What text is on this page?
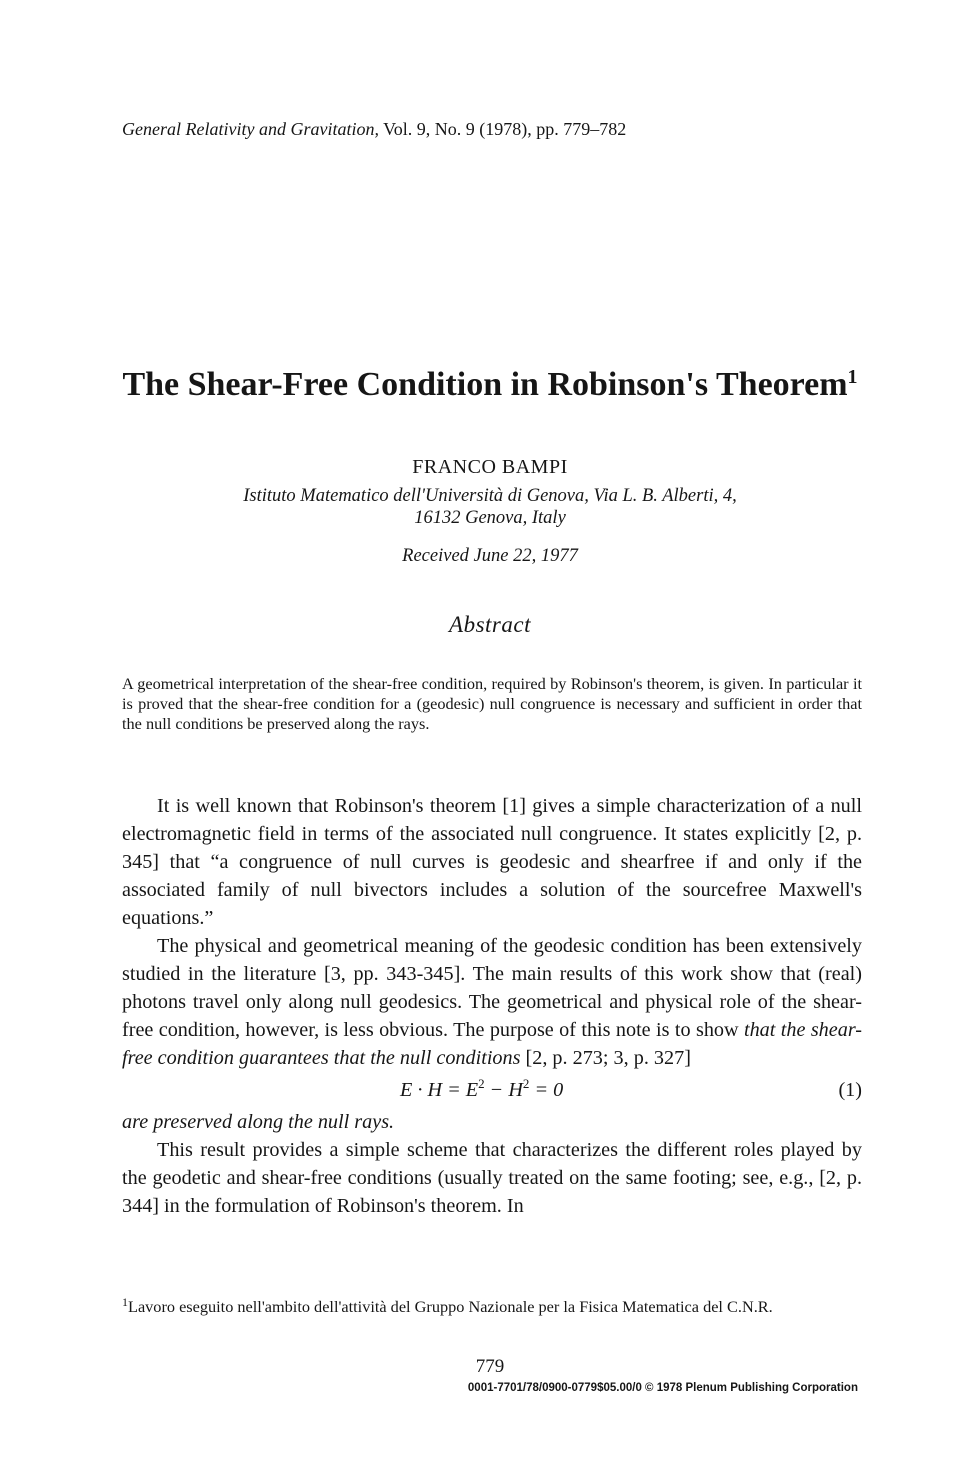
General Relativity and Gravitation, Vol. 9, No. 9 (1978), pp. 779–782
The Shear-Free Condition in Robinson's Theorem$^1$
FRANCO BAMPI
Istituto Matematico dell'Università di Genova, Via L. B. Alberti, 4,
16132 Genova, Italy
Received June 22, 1977
Abstract
A geometrical interpretation of the shear-free condition, required by Robinson's theorem, is given. In particular it is proved that the shear-free condition for a (geodesic) null congruence is necessary and sufficient in order that the null conditions be preserved along the rays.

It is well known that Robinson's theorem [1] gives a simple characterization of a null electromagnetic field in terms of the associated null congruence. It states explicitly [2, p. 345] that “a congruence of null curves is geodesic and shearfree if and only if the associated family of null bivectors includes a solution of the sourcefree Maxwell's equations.”

The physical and geometrical meaning of the geodesic condition has been extensively studied in the literature [3, pp. 343-345]. The main results of this work show that (real) photons travel only along null geodesics. The geometrical and physical role of the shear-free condition, however, is less obvious. The purpose of this note is to show that the shear-free condition guarantees that the null conditions [2, p. 273; 3, p. 327]

$E \cdot H = E^2 - H^2 = 0$	(1)

are preserved along the null rays.

This result provides a simple scheme that characterizes the different roles played by the geodetic and shear-free conditions (usually treated on the same footing; see, e.g., [2, p. 344] in the formulation of Robinson's theorem. In

$^1$Lavoro eseguito nell'ambito dell'attività del Gruppo Nazionale per la Fisica Matematica del C.N.R.
779
0001-7701/78/0900-0779$05.00/0 © 1978 Plenum Publishing Corporation
